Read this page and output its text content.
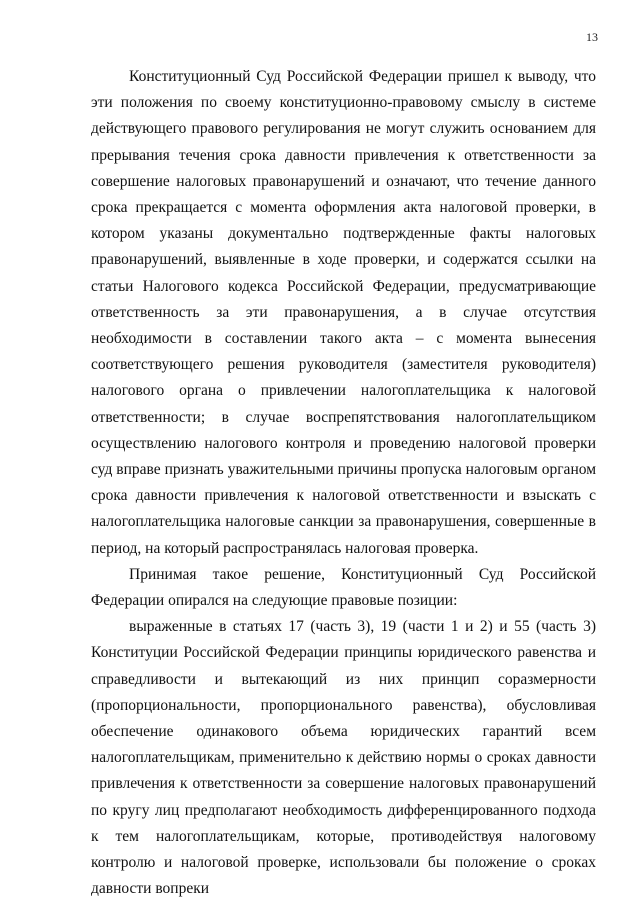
13

Конституционный Суд Российской Федерации пришел к выводу, что эти положения по своему конституционно-правовому смыслу в системе действующего правового регулирования не могут служить основанием для прерывания течения срока давности привлечения к ответственности за совершение налоговых правонарушений и означают, что течение данного срока прекращается с момента оформления акта налоговой проверки, в котором указаны документально подтвержденные факты налоговых правонарушений, выявленные в ходе проверки, и содержатся ссылки на статьи Налогового кодекса Российской Федерации, предусматривающие ответственность за эти правонарушения, а в случае отсутствия необходимости в составлении такого акта – с момента вынесения соответствующего решения руководителя (заместителя руководителя) налогового органа о привлечении налогоплательщика к налоговой ответственности; в случае воспрепятствования налогоплательщиком осуществлению налогового контроля и проведению налоговой проверки суд вправе признать уважительными причины пропуска налоговым органом срока давности привлечения к налоговой ответственности и взыскать с налогоплательщика налоговые санкции за правонарушения, совершенные в период, на который распространялась налоговая проверка.

Принимая такое решение, Конституционный Суд Российской Федерации опирался на следующие правовые позиции:

выраженные в статьях 17 (часть 3), 19 (части 1 и 2) и 55 (часть 3) Конституции Российской Федерации принципы юридического равенства и справедливости и вытекающий из них принцип соразмерности (пропорциональности, пропорционального равенства), обусловливая обеспечение одинакового объема юридических гарантий всем налогоплательщикам, применительно к действию нормы о сроках давности привлечения к ответственности за совершение налоговых правонарушений по кругу лиц предполагают необходимость дифференцированного подхода к тем налогоплательщикам, которые, противодействуя налоговому контролю и налоговой проверке, использовали бы положение о сроках давности вопреки
